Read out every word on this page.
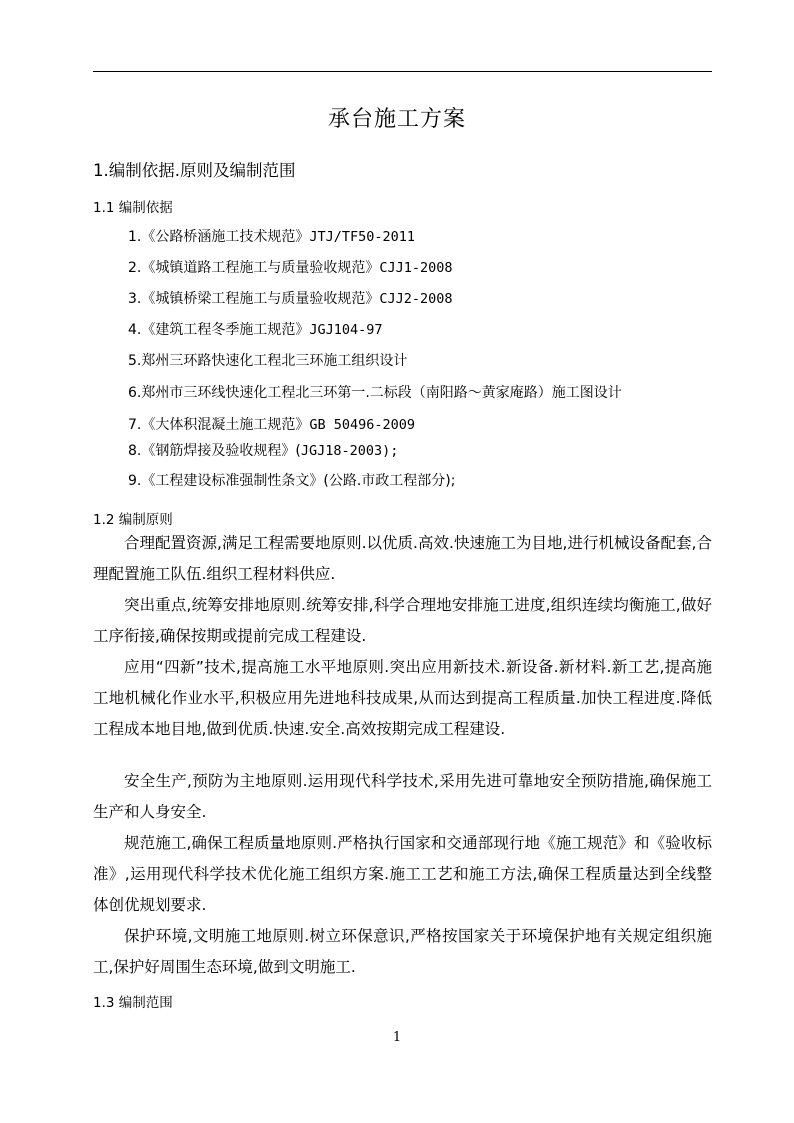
承台施工方案
1.编制依据.原则及编制范围
1.1 编制依据
1.《公路桥涵施工技术规范》JTJ/TF50-2011
2.《城镇道路工程施工与质量验收规范》CJJ1-2008
3.《城镇桥梁工程施工与质量验收规范》CJJ2-2008
4.《建筑工程冬季施工规范》JGJ104-97
5.郑州三环路快速化工程北三环施工组织设计
6.郑州市三环线快速化工程北三环第一.二标段（南阳路～黄家庵路）施工图设计
7.《大体积混凝土施工规范》GB 50496-2009
8.《钢筋焊接及验收规程》(JGJ18-2003);
9.《工程建设标准强制性条文》(公路.市政工程部分);
1.2 编制原则

合理配置资源,满足工程需要地原则.以优质.高效.快速施工为目地,进行机械设备配套,合理配置施工队伍.组织工程材料供应.

突出重点,统筹安排地原则.统筹安排,科学合理地安排施工进度,组织连续均衡施工,做好工序衔接,确保按期或提前完成工程建设.

应用“四新”技术,提高施工水平地原则.突出应用新技术.新设备.新材料.新工艺,提高施工地机械化作业水平,积极应用先进地科技成果,从而达到提高工程质量.加快工程进度.降低工程成本地目地,做到优质.快速.安全.高效按期完成工程建设.

安全生产,预防为主地原则.运用现代科学技术,采用先进可靠地安全预防措施,确保施工生产和人身安全.

规范施工,确保工程质量地原则.严格执行国家和交通部现行地《施工规范》和《验收标准》,运用现代科学技术优化施工组织方案.施工工艺和施工方法,确保工程质量达到全线整体创优规划要求.

保护环境,文明施工地原则.树立环保意识,严格按国家关于环境保护地有关规定组织施工,保护好周围生态环境,做到文明施工.

1.3 编制范围
1
